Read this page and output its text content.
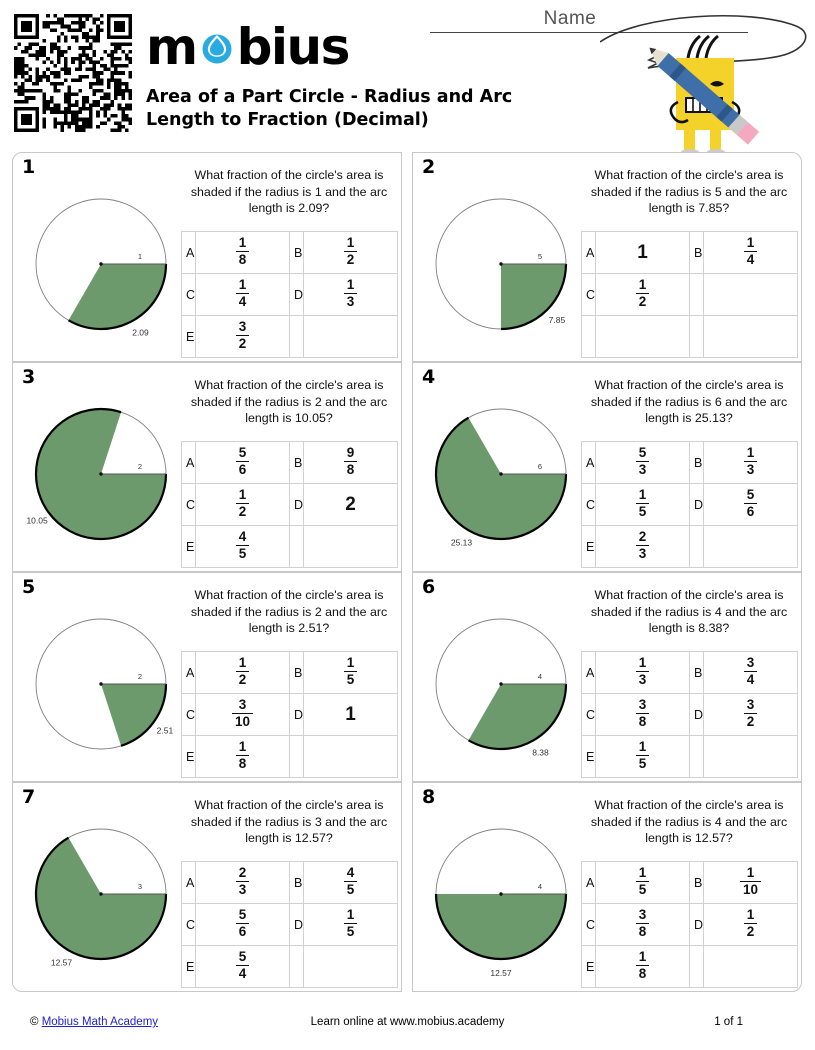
m bius
Area of a Part Circle - Radius and Arc Length to Fraction (Decimal)
Name
1
1
2.09
What fraction of the circle's area is shaded if the radius is 1 and the arc length is 2.09?
A	$\frac{1}{8}$	B	$\frac{1}{2}$

C	$\frac{1}{4}$	D	$\frac{1}{3}$

E	$\frac{3}{2}$

2
5
7.85
What fraction of the circle's area is shaded if the radius is 5 and the arc length is 7.85?
A	1	B	$\frac{1}{4}$

C	$\frac{1}{2}$

3
2
10.05
What fraction of the circle's area is shaded if the radius is 2 and the arc length is 10.05?
A	$\frac{5}{6}$	B	$\frac{9}{8}$

C	$\frac{1}{2}$	D	2
E	$\frac{4}{5}$

4
6
25.13
What fraction of the circle's area is shaded if the radius is 6 and the arc length is 25.13?
A	$\frac{5}{3}$	B	$\frac{1}{3}$

C	$\frac{1}{5}$	D	$\frac{5}{6}$

E	$\frac{2}{3}$

5
2
2.51
What fraction of the circle's area is shaded if the radius is 2 and the arc length is 2.51?
A	$\frac{1}{2}$	B	$\frac{1}{5}$

C	$\frac{3}{10}$	D	1
E	$\frac{1}{8}$

6
4
8.38
What fraction of the circle's area is shaded if the radius is 4 and the arc length is 8.38?
A	$\frac{1}{3}$	B	$\frac{3}{4}$

C	$\frac{3}{8}$	D	$\frac{3}{2}$

E	$\frac{1}{5}$

7
3
12.57
What fraction of the circle's area is shaded if the radius is 3 and the arc length is 12.57?
A	$\frac{2}{3}$	B	$\frac{4}{5}$

C	$\frac{5}{6}$	D	$\frac{1}{5}$

E	$\frac{5}{4}$

8
4
12.57
What fraction of the circle's area is shaded if the radius is 4 and the arc length is 12.57?
A	$\frac{1}{5}$	B	$\frac{1}{10}$

C	$\frac{3}{8}$	D	$\frac{1}{2}$

E	$\frac{1}{8}$

Learn online at www.mobius.academy
© Mobius Math Academy	1 of 1
